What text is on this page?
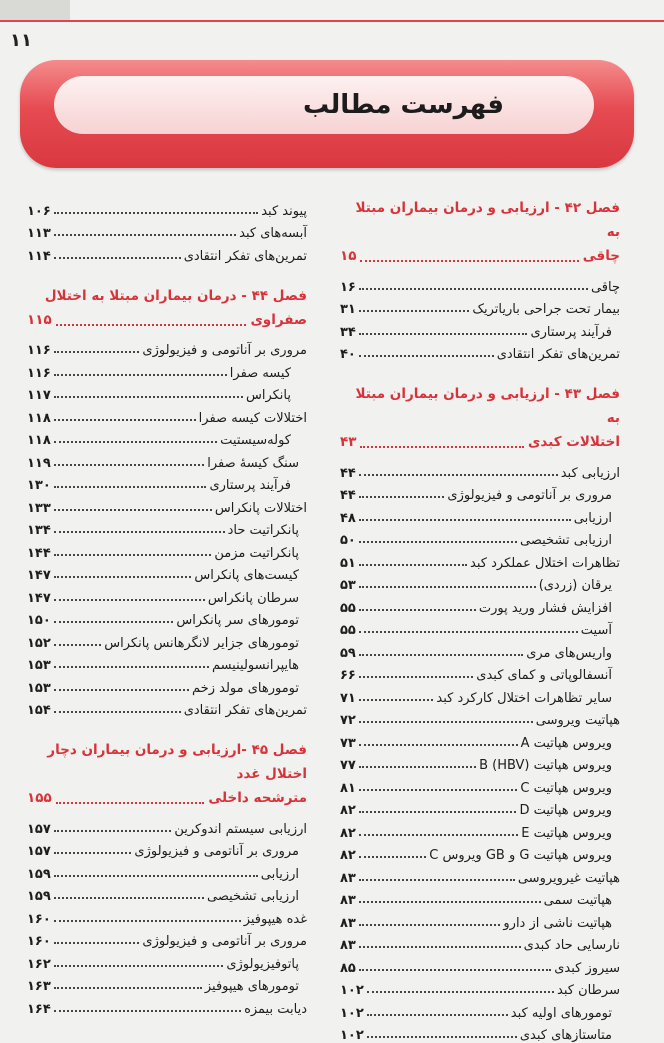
۱۱
فهرست مطالب
فصل ۴۲ - ارزیابی و درمان بیماران مبتلا به
چاقی
۱۵
چاقی
۱۶
بیمار تحت جراحی باریاتریک
۳۱
فرآیند پرستاری
۳۴
تمرین‌های تفکر انتقادی
۴۰
فصل ۴۳ - ارزیابی و درمان بیماران مبتلا به
اختلالات کبدی
۴۳
ارزیابی کبد
۴۴
مروری بر آناتومی و فیزیولوژی
۴۴
ارزیابی
۴۸
ارزیابی تشخیصی
۵۰
تظاهرات اختلال عملکرد کبد
۵۱
یرقان (زردی)
۵۳
افزایش فشار ورید پورت
۵۵
آسیت
۵۵
واریس‌های مری
۵۹
آنسفالوپاتی و کمای کبدی
۶۶
سایر تظاهرات اختلال کارکرد کبد
۷۱
هپاتیت ویروسی
۷۲
ویروس هپاتیت A
۷۳
ویروس هپاتیت B (HBV)
۷۷
ویروس هپاتیت C
۸۱
ویروس هپاتیت D
۸۲
ویروس هپاتیت E
۸۲
ویروس هپاتیت G و GB ویروس C
۸۲
هپاتیت غیرویروسی
۸۳
هپاتیت سمی
۸۳
هپاتیت ناشی از دارو
۸۳
نارسایی حاد کبدی
۸۳
سیروز کبدی
۸۵
سرطان کبد
۱۰۲
تومورهای اولیه کبد
۱۰۲
متاستازهای کبدی
۱۰۲
پیوند کبد
۱۰۶
آبسه‌های کبد
۱۱۳
تمرین‌های تفکر انتقادی
۱۱۴
فصل ۴۴ - درمان بیماران مبتلا به اختلال
صفراوی
۱۱۵
مروری بر آناتومی و فیزیولوژی
۱۱۶
کیسه صفرا
۱۱۶
پانکراس
۱۱۷
اختلالات کیسه صفرا
۱۱۸
کوله‌سیستیت
۱۱۸
سنگ کیسهٔ صفرا
۱۱۹
فرآیند پرستاری
۱۳۰
اختلالات پانکراس
۱۳۳
پانکراتیت حاد
۱۳۴
پانکراتیت مزمن
۱۴۴
کیست‌های پانکراس
۱۴۷
سرطان پانکراس
۱۴۷
تومورهای سر پانکراس
۱۵۰
تومورهای جزایر لانگرهانس پانکراس
۱۵۲
هایپرانسولینیسم
۱۵۳
تومورهای مولد زخم
۱۵۳
تمرین‌های تفکر انتقادی
۱۵۴
فصل ۴۵ -ارزیابی و درمان بیماران دچار اختلال غدد
مترشحه داخلی
۱۵۵
ارزیابی سیستم اندوکرین
۱۵۷
مروری بر آناتومی و فیزیولوژی
۱۵۷
ارزیابی
۱۵۹
ارزیابی تشخیصی
۱۵۹
غده هیپوفیز
۱۶۰
مروری بر آناتومی و فیزیولوژی
۱۶۰
پاتوفیزیولوژی
۱۶۲
تومورهای هیپوفیز
۱۶۳
دیابت بیمزه
۱۶۴
